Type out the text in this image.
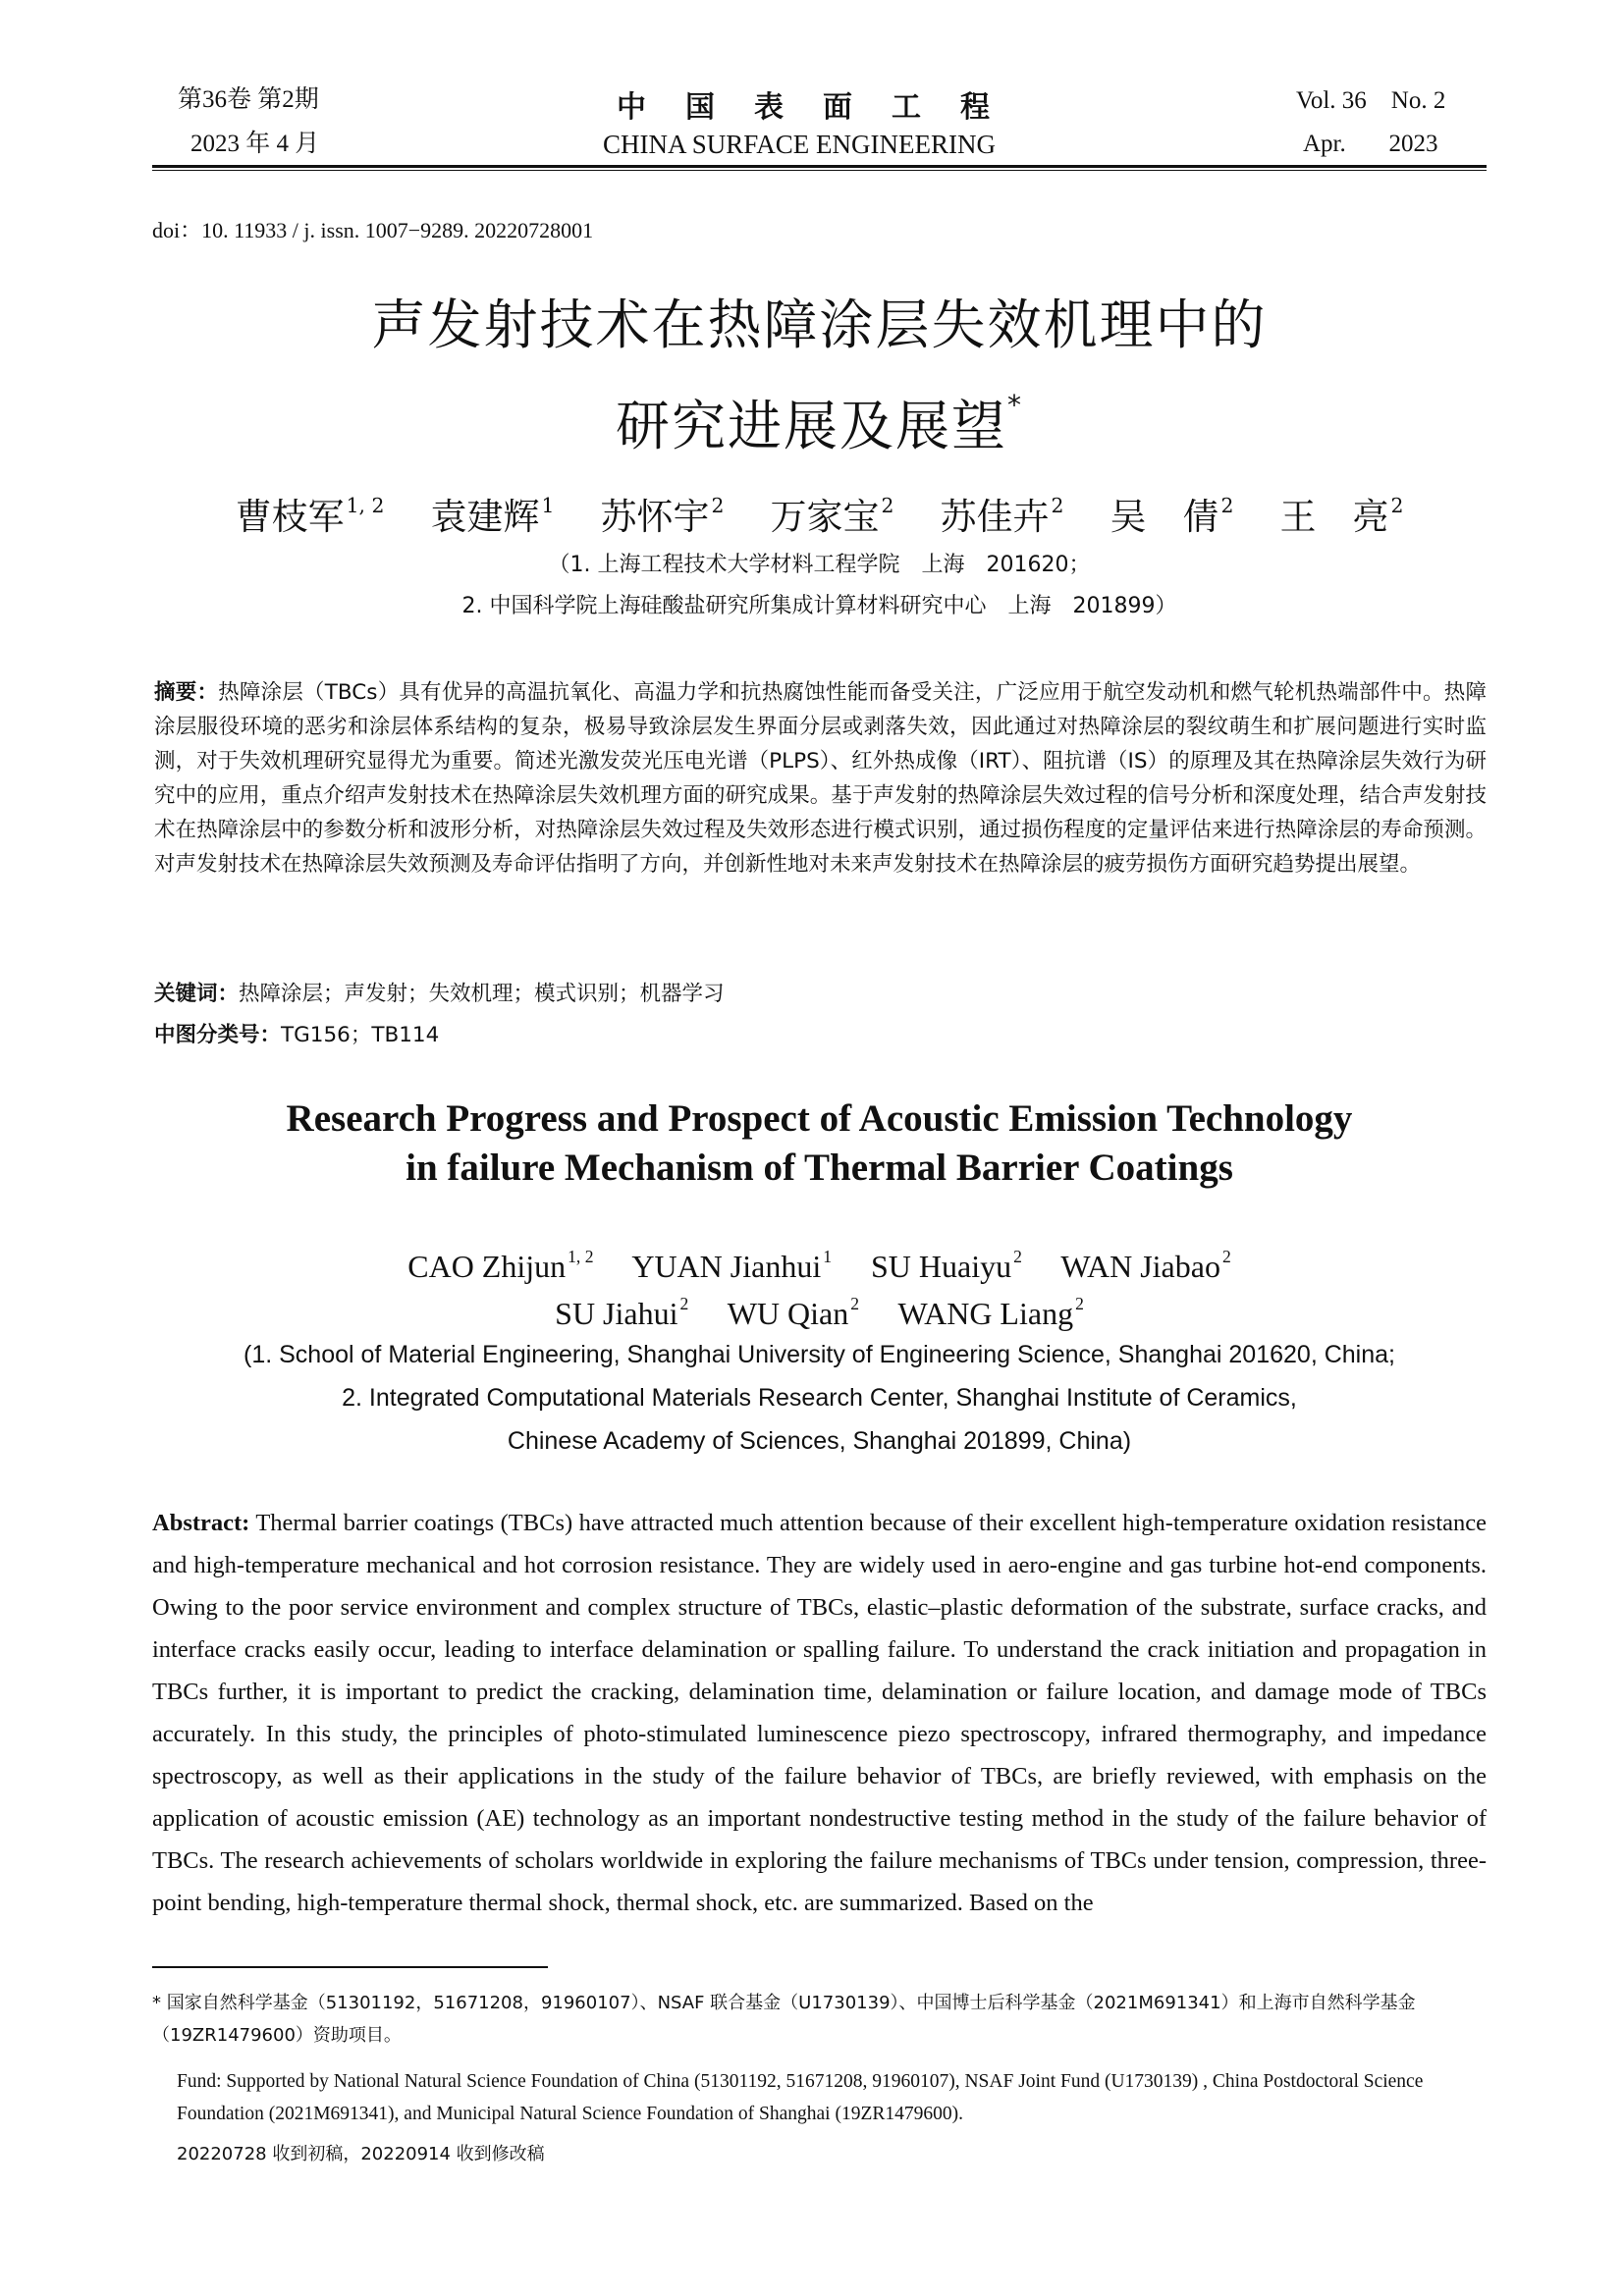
第36卷 第2期
2023 年 4 月
中国表面工程
CHINA SURFACE ENGINEERING
Vol. 36    No. 2
Apr.       2023
doi：10. 11933 / j. issn. 1007−9289. 20220728001
声发射技术在热障涂层失效机理中的
研究进展及展望*
曹枝军$^{1, 2}$ 袁建辉$^1$ 苏怀宇$^2$ 万家宝$^2$ 苏佳卉$^2$ 吴　倩$^2$ 王　亮$^2$
（1. 上海工程技术大学材料工程学院　上海　201620；
2. 中国科学院上海硅酸盐研究所集成计算材料研究中心　上海　201899）
摘要：热障涂层（TBCs）具有优异的高温抗氧化、高温力学和抗热腐蚀性能而备受关注，广泛应用于航空发动机和燃气轮机热端部件中。热障涂层服役环境的恶劣和涂层体系结构的复杂，极易导致涂层发生界面分层或剥落失效，因此通过对热障涂层的裂纹萌生和扩展问题进行实时监测，对于失效机理研究显得尤为重要。简述光激发荧光压电光谱（PLPS）、红外热成像（IRT）、阻抗谱（IS）的原理及其在热障涂层失效行为研究中的应用，重点介绍声发射技术在热障涂层失效机理方面的研究成果。基于声发射的热障涂层失效过程的信号分析和深度处理，结合声发射技术在热障涂层中的参数分析和波形分析，对热障涂层失效过程及失效形态进行模式识别，通过损伤程度的定量评估来进行热障涂层的寿命预测。对声发射技术在热障涂层失效预测及寿命评估指明了方向，并创新性地对未来声发射技术在热障涂层的疲劳损伤方面研究趋势提出展望。
关键词：热障涂层；声发射；失效机理；模式识别；机器学习
中图分类号：TG156；TB114
Research Progress and Prospect of Acoustic Emission Technology
in failure Mechanism of Thermal Barrier Coatings
CAO Zhijun $^{1, 2}$ YUAN Jianhui $^1$ SU Huaiyu $^2$ WAN Jiabao $^2$
SU Jiahui $^2$ WU Qian $^2$ WANG Liang $^2$
(1. School of Material Engineering, Shanghai University of Engineering Science, Shanghai 201620, China;
2. Integrated Computational Materials Research Center, Shanghai Institute of Ceramics,
Chinese Academy of Sciences, Shanghai 201899, China)
Abstract: Thermal barrier coatings (TBCs) have attracted much attention because of their excellent high-temperature oxidation resistance and high-temperature mechanical and hot corrosion resistance. They are widely used in aero-engine and gas turbine hot-end components. Owing to the poor service environment and complex structure of TBCs, elastic–plastic deformation of the substrate, surface cracks, and interface cracks easily occur, leading to interface delamination or spalling failure. To understand the crack initiation and propagation in TBCs further, it is important to predict the cracking, delamination time, delamination or failure location, and damage mode of TBCs accurately. In this study, the principles of photo-stimulated luminescence piezo spectroscopy, infrared thermography, and impedance spectroscopy, as well as their applications in the study of the failure behavior of TBCs, are briefly reviewed, with emphasis on the application of acoustic emission (AE) technology as an important nondestructive testing method in the study of the failure behavior of TBCs. The research achievements of scholars worldwide in exploring the failure mechanisms of TBCs under tension, compression, three-point bending, high-temperature thermal shock, thermal shock, etc. are summarized. Based on the
* 国家自然科学基金（51301192，51671208，91960107）、NSAF 联合基金（U1730139）、中国博士后科学基金（2021M691341）和上海市自然科学基金（19ZR1479600）资助项目。
Fund: Supported by National Natural Science Foundation of China (51301192, 51671208, 91960107), NSAF Joint Fund (U1730139) , China Postdoctoral Science Foundation (2021M691341), and Municipal Natural Science Foundation of Shanghai (19ZR1479600).
20220728 收到初稿，20220914 收到修改稿
